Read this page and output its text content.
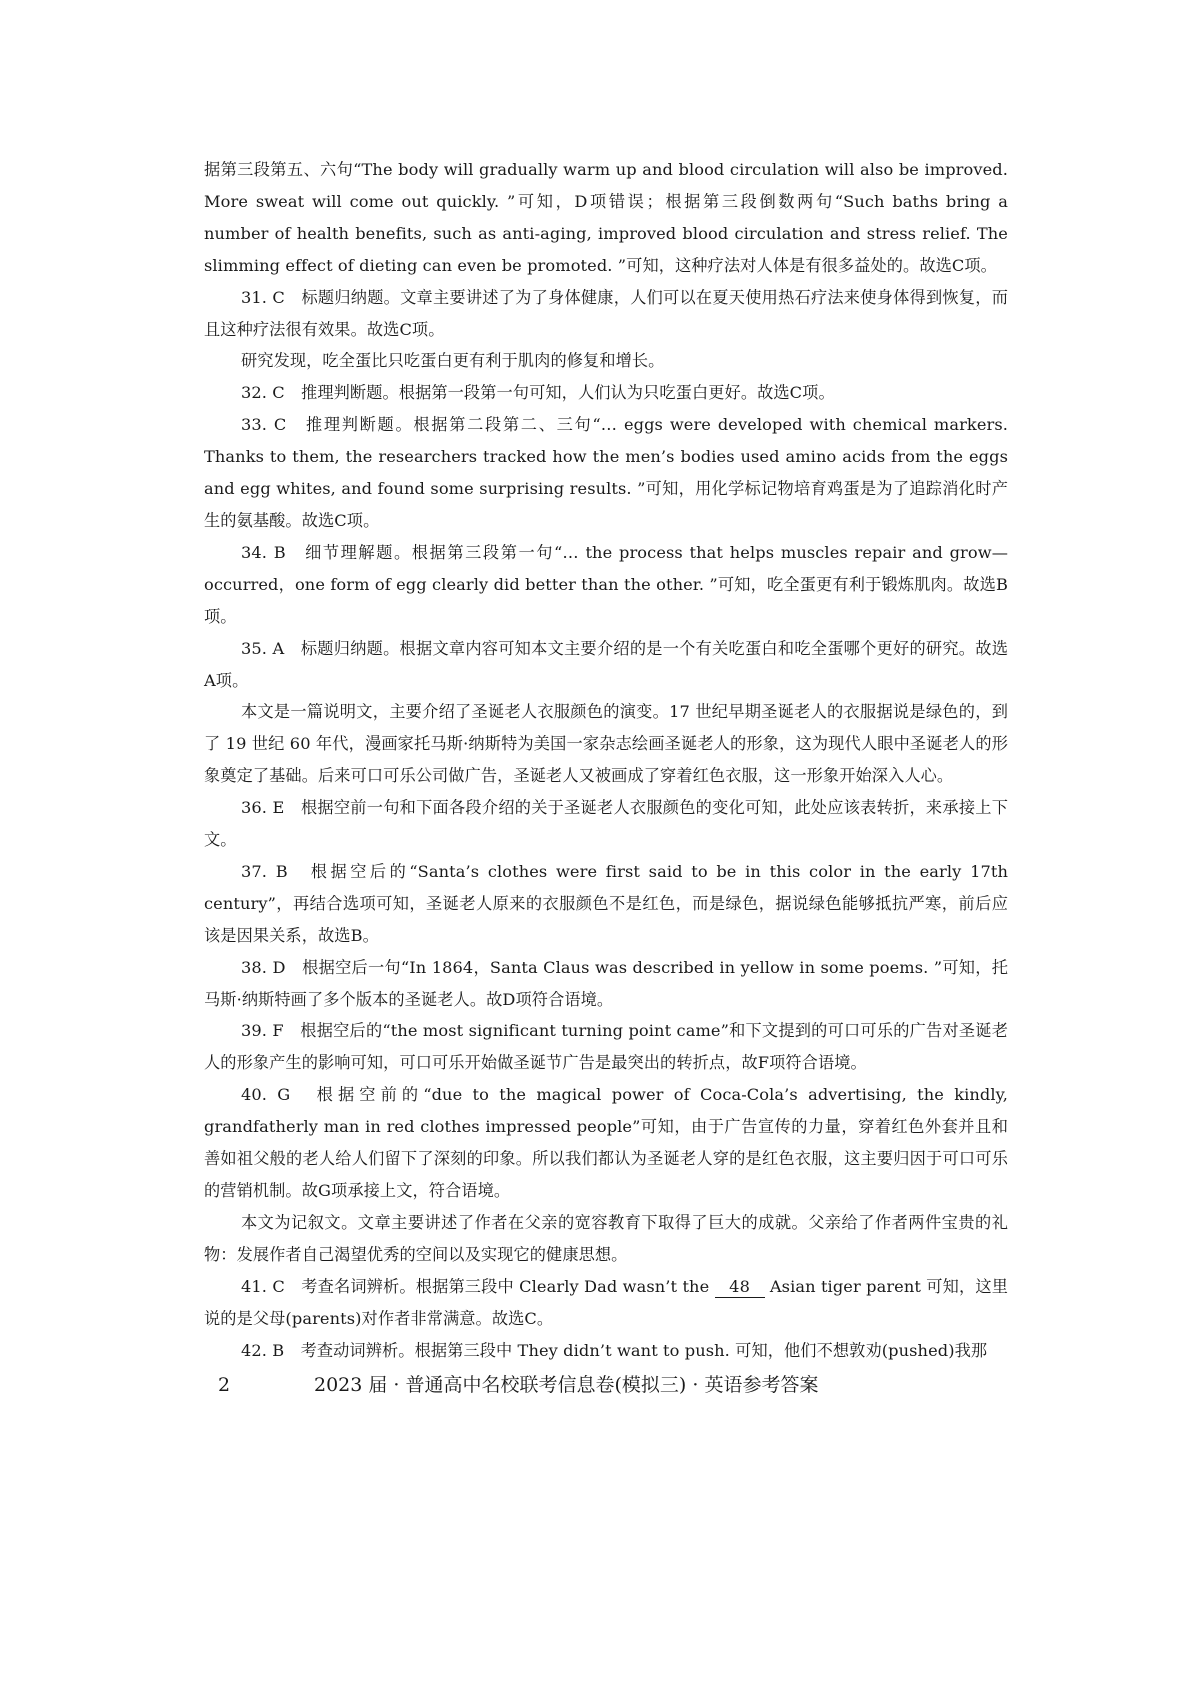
据第三段第五、六句“The body will gradually warm up and blood circulation will also be improved. More sweat will come out quickly. ”可知，D项错误；根据第三段倒数两句“Such baths bring a number of health benefits, such as anti-aging, improved blood circulation and stress relief. The slimming effect of dieting can even be promoted. ”可知，这种疗法对人体是有很多益处的。故选C项。

31. C　标题归纳题。文章主要讲述了为了身体健康，人们可以在夏天使用热石疗法来使身体得到恢复，而且这种疗法很有效果。故选C项。

研究发现，吃全蛋比只吃蛋白更有利于肌肉的修复和增长。

32. C　推理判断题。根据第一段第一句可知，人们认为只吃蛋白更好。故选C项。

33. C　推理判断题。根据第二段第二、三句“… eggs were developed with chemical markers. Thanks to them, the researchers tracked how the men’s bodies used amino acids from the eggs and egg whites, and found some surprising results. ”可知，用化学标记物培育鸡蛋是为了追踪消化时产生的氨基酸。故选C项。

34. B　细节理解题。根据第三段第一句“… the process that helps muscles repair and grow—occurred，one form of egg clearly did better than the other. ”可知，吃全蛋更有利于锻炼肌肉。故选B项。

35. A　标题归纳题。根据文章内容可知本文主要介绍的是一个有关吃蛋白和吃全蛋哪个更好的研究。故选A项。

本文是一篇说明文，主要介绍了圣诞老人衣服颜色的演变。17 世纪早期圣诞老人的衣服据说是绿色的，到了 19 世纪 60 年代，漫画家托马斯·纳斯特为美国一家杂志绘画圣诞老人的形象，这为现代人眼中圣诞老人的形象奠定了基础。后来可口可乐公司做广告，圣诞老人又被画成了穿着红色衣服，这一形象开始深入人心。

36. E　根据空前一句和下面各段介绍的关于圣诞老人衣服颜色的变化可知，此处应该表转折，来承接上下文。

37. B　根据空后的“Santa’s clothes were first said to be in this color in the early 17th century”，再结合选项可知，圣诞老人原来的衣服颜色不是红色，而是绿色，据说绿色能够抵抗严寒，前后应该是因果关系，故选B。

38. D　根据空后一句“In 1864，Santa Claus was described in yellow in some poems. ”可知，托马斯·纳斯特画了多个版本的圣诞老人。故D项符合语境。

39. F　根据空后的“the most significant turning point came”和下文提到的可口可乐的广告对圣诞老人的形象产生的影响可知，可口可乐开始做圣诞节广告是最突出的转折点，故F项符合语境。

40. G　根据空前的“due to the magical power of Coca-Cola’s advertising, the kindly, grandfatherly man in red clothes impressed people”可知，由于广告宣传的力量，穿着红色外套并且和善如祖父般的老人给人们留下了深刻的印象。所以我们都认为圣诞老人穿的是红色衣服，这主要归因于可口可乐的营销机制。故G项承接上文，符合语境。

本文为记叙文。文章主要讲述了作者在父亲的宽容教育下取得了巨大的成就。父亲给了作者两件宝贵的礼物：发展作者自己渴望优秀的空间以及实现它的健康思想。

41. C　考查名词辨析。根据第三段中 Clearly Dad wasn’t the 48 Asian tiger parent 可知，这里说的是父母(parents)对作者非常满意。故选C。

42. B　考查动词辨析。根据第三段中 They didn’t want to push. 可知，他们不想敦劝(pushed)我那

2	2023 届 · 普通高中名校联考信息卷(模拟三) · 英语参考答案
